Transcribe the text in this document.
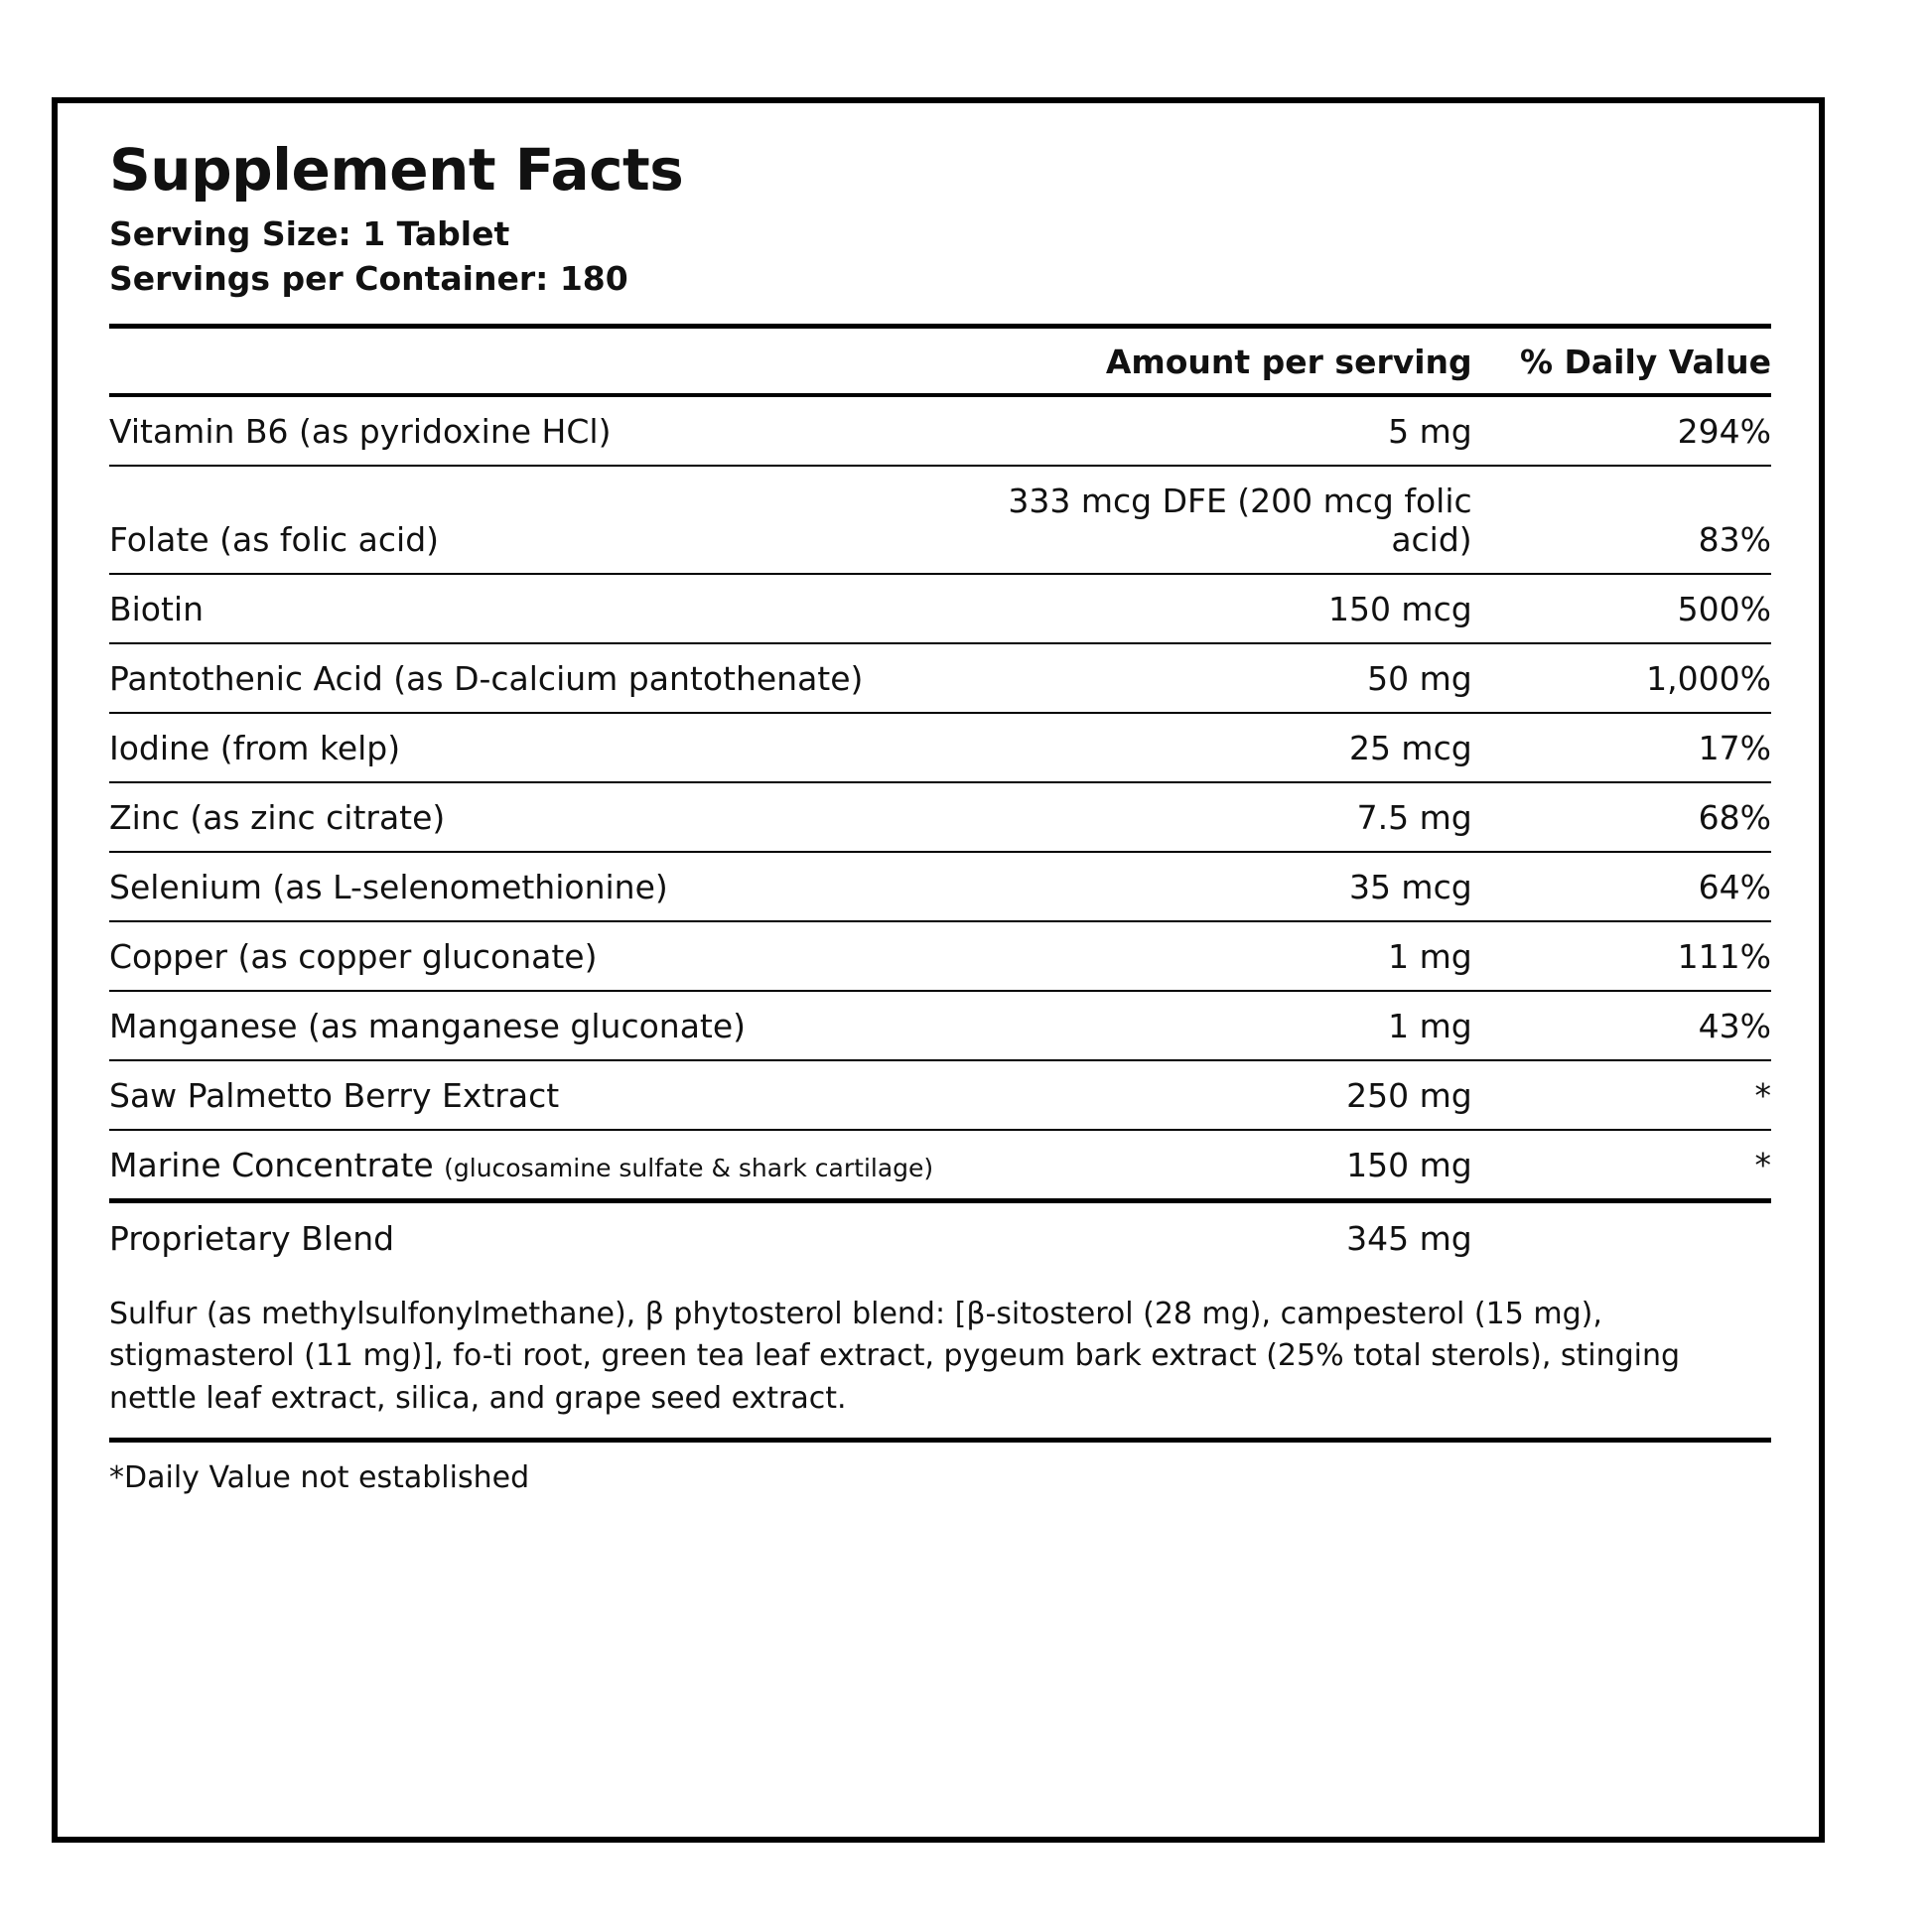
Supplement Facts
Serving Size: 1 Tablet
Servings per Container: 180
	Amount per serving	% Daily Value
Vitamin B6 (as pyridoxine HCl)	5 mg	294%
Folate (as folic acid)	333 mcg DFE (200 mcg folic acid)	83%
Biotin	150 mcg	500%
Pantothenic Acid (as D-calcium pantothenate)	50 mg	1,000%
Iodine (from kelp)	25 mcg	17%
Zinc (as zinc citrate)	7.5 mg	68%
Selenium (as L-selenomethionine)	35 mcg	64%
Copper (as copper gluconate)	1 mg	111%
Manganese (as manganese gluconate)	1 mg	43%
Saw Palmetto Berry Extract	250 mg	*
Marine Concentrate (glucosamine sulfate & shark cartilage)	150 mg	*
Proprietary Blend	345 mg	
Sulfur (as methylsulfonylmethane), β phytosterol blend: [β-sitosterol (28 mg), campesterol (15 mg), stigmasterol (11 mg)], fo-ti root, green tea leaf extract, pygeum bark extract (25% total sterols), stinging nettle leaf extract, silica, and grape seed extract.
*Daily Value not established
